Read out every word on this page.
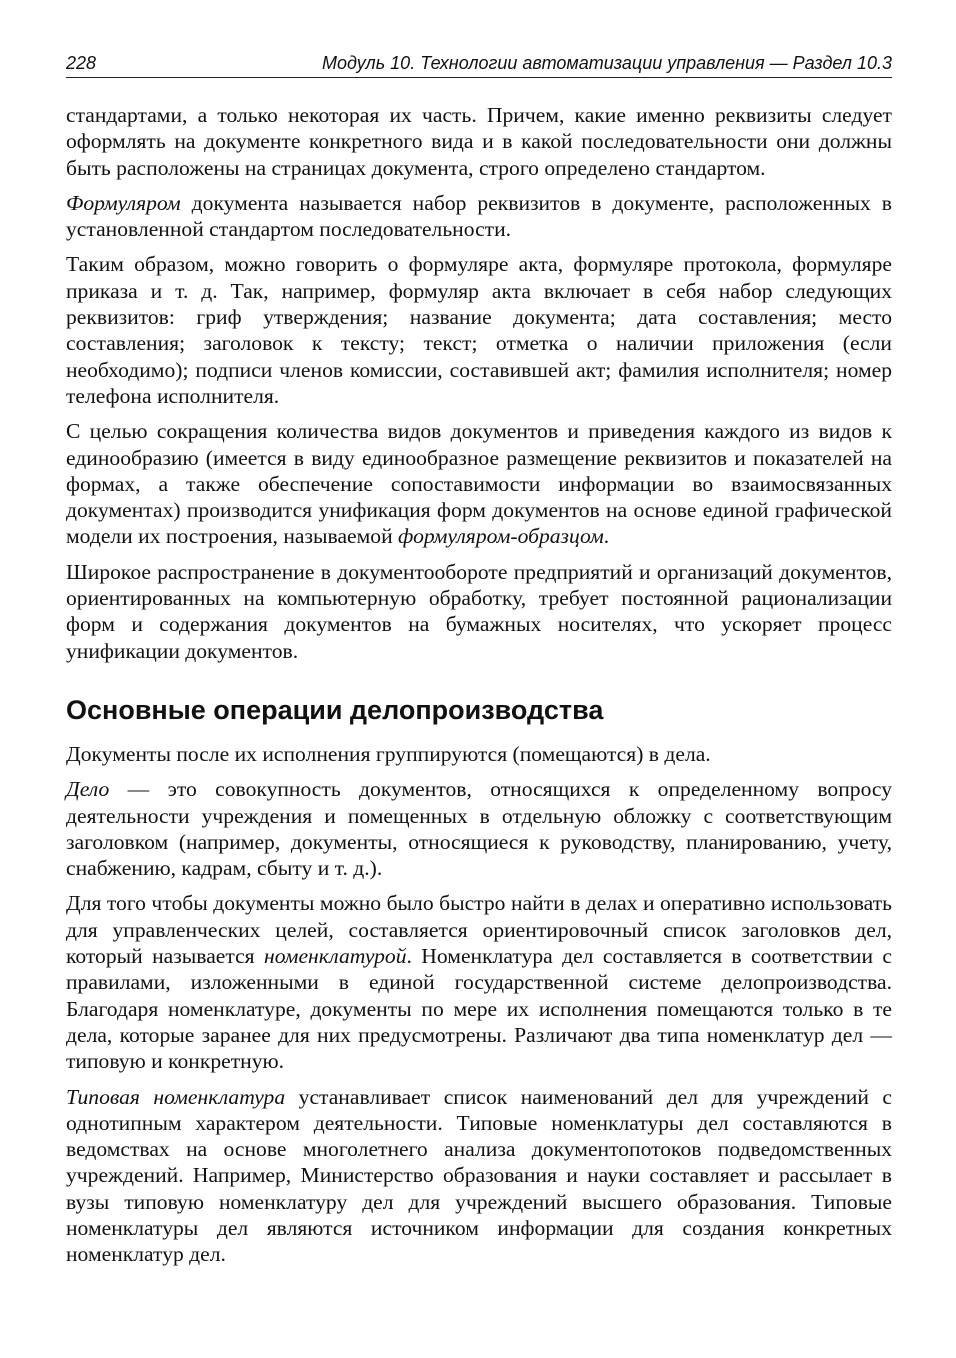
228	Модуль 10. Технологии автоматизации управления — Раздел 10.3

стандартами, а только некоторая их часть. Причем, какие именно реквизиты следует оформлять на документе конкретного вида и в какой последовательности они должны быть расположены на страницах документа, строго определено стандартом.

Формуляром документа называется набор реквизитов в документе, расположенных в установленной стандартом последовательности.

Таким образом, можно говорить о формуляре акта, формуляре протокола, формуляре приказа и т. д. Так, например, формуляр акта включает в себя набор следующих реквизитов: гриф утверждения; название документа; дата составления; место составления; заголовок к тексту; текст; отметка о наличии приложения (если необходимо); подписи членов комиссии, составившей акт; фамилия исполнителя; номер телефона исполнителя.

С целью сокращения количества видов документов и приведения каждого из видов к единообразию (имеется в виду единообразное размещение реквизитов и показателей на формах, а также обеспечение сопоставимости информации во взаимосвязанных документах) производится унификация форм документов на основе единой графической модели их построения, называемой формуляром-образцом.

Широкое распространение в документообороте предприятий и организаций документов, ориентированных на компьютерную обработку, требует постоянной рационализации форм и содержания документов на бумажных носителях, что ускоряет процесс унификации документов.

Основные операции делопроизводства

Документы после их исполнения группируются (помещаются) в дела.

Дело — это совокупность документов, относящихся к определенному вопросу деятельности учреждения и помещенных в отдельную обложку с соответствующим заголовком (например, документы, относящиеся к руководству, планированию, учету, снабжению, кадрам, сбыту и т. д.).

Для того чтобы документы можно было быстро найти в делах и оперативно использовать для управленческих целей, составляется ориентировочный список заголовков дел, который называется номенклатурой. Номенклатура дел составляется в соответствии с правилами, изложенными в единой государственной системе делопроизводства. Благодаря номенклатуре, документы по мере их исполнения помещаются только в те дела, которые заранее для них предусмотрены. Различают два типа номенклатур дел — типовую и конкретную.

Типовая номенклатура устанавливает список наименований дел для учреждений с однотипным характером деятельности. Типовые номенклатуры дел составляются в ведомствах на основе многолетнего анализа документопотоков подведомственных учреждений. Например, Министерство образования и науки составляет и рассылает в вузы типовую номенклатуру дел для учреждений высшего образования. Типовые номенклатуры дел являются источником информации для создания конкретных номенклатур дел.
